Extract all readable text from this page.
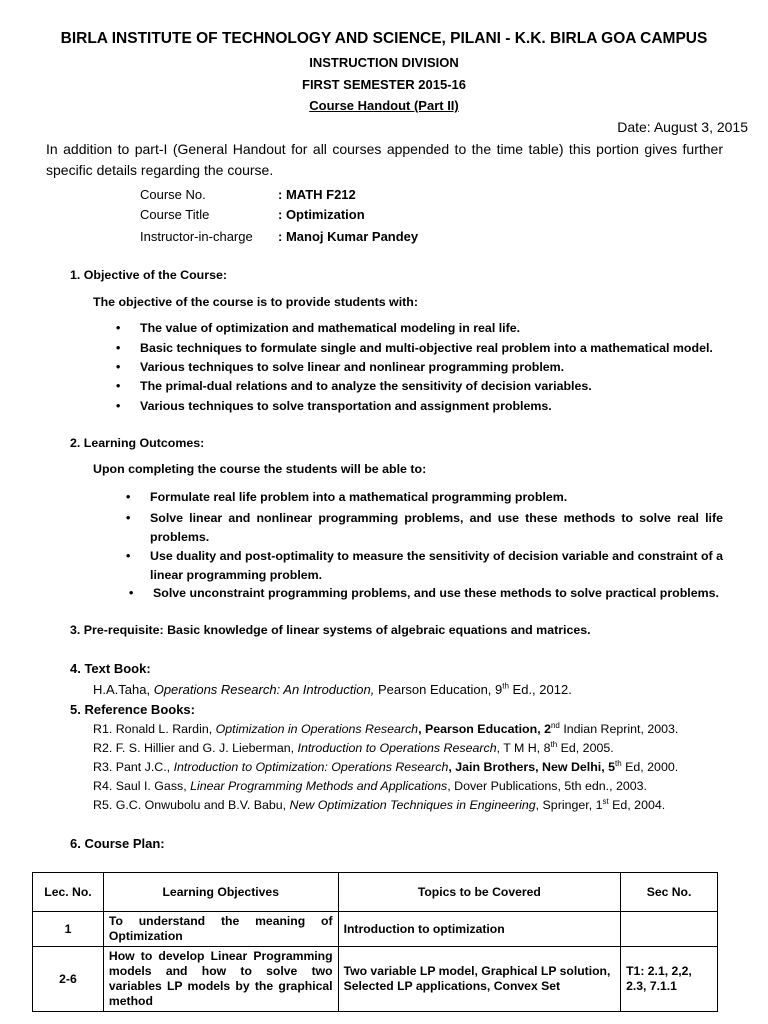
BIRLA INSTITUTE OF TECHNOLOGY AND SCIENCE, PILANI - K.K. BIRLA GOA CAMPUS
INSTRUCTION DIVISION
FIRST SEMESTER 2015-16
Course Handout (Part II)
Date: August 3, 2015
In addition to part-I (General Handout for all courses appended to the time table) this portion gives further specific details regarding the course.
Course No.	: MATH F212
Course Title	: Optimization
Instructor-in-charge : Manoj Kumar Pandey
1. Objective of the Course:
The objective of the course is to provide students with:
• The value of optimization and mathematical modeling in real life.
• Basic techniques to formulate single and multi-objective real problem into a mathematical model.
• Various techniques to solve linear and nonlinear programming problem.
• The primal-dual relations and to analyze the sensitivity of decision variables.
• Various techniques to solve transportation and assignment problems.
2. Learning Outcomes:
Upon completing the course the students will be able to:
• Formulate real life problem into a mathematical programming problem.
• Solve linear and nonlinear programming problems, and use these methods to solve real life problems.
• Use duality and post-optimality to measure the sensitivity of decision variable and constraint of a linear programming problem.
• Solve unconstraint programming problems, and use these methods to solve practical problems.
3. Pre-requisite: Basic knowledge of linear systems of algebraic equations and matrices.
4. Text Book:
H.A.Taha, Operations Research: An Introduction, Pearson Education, 9th Ed., 2012.
5. Reference Books:
R1. Ronald L. Rardin, Optimization in Operations Research, Pearson Education, 2nd Indian Reprint, 2003.
R2. F. S. Hillier and G. J. Lieberman, Introduction to Operations Research, T M H, 8th Ed, 2005.
R3. Pant J.C., Introduction to Optimization: Operations Research, Jain Brothers, New Delhi, 5th Ed, 2000.
R4. Saul I. Gass, Linear Programming Methods and Applications, Dover Publications, 5th edn., 2003.
R5. G.C. Onwubolu and B.V. Babu, New Optimization Techniques in Engineering, Springer, 1st Ed, 2004.
6. Course Plan:
Lec. No.	Learning Objectives	Topics to be Covered	Sec No.
1	To understand the meaning of Optimization	Introduction to optimization	
2-6	How to develop Linear Programming models and how to solve two variables LP models by the graphical method	Two variable LP model, Graphical LP solution, Selected LP applications, Convex Set	T1: 2.1, 2,2, 2.3, 7.1.1
